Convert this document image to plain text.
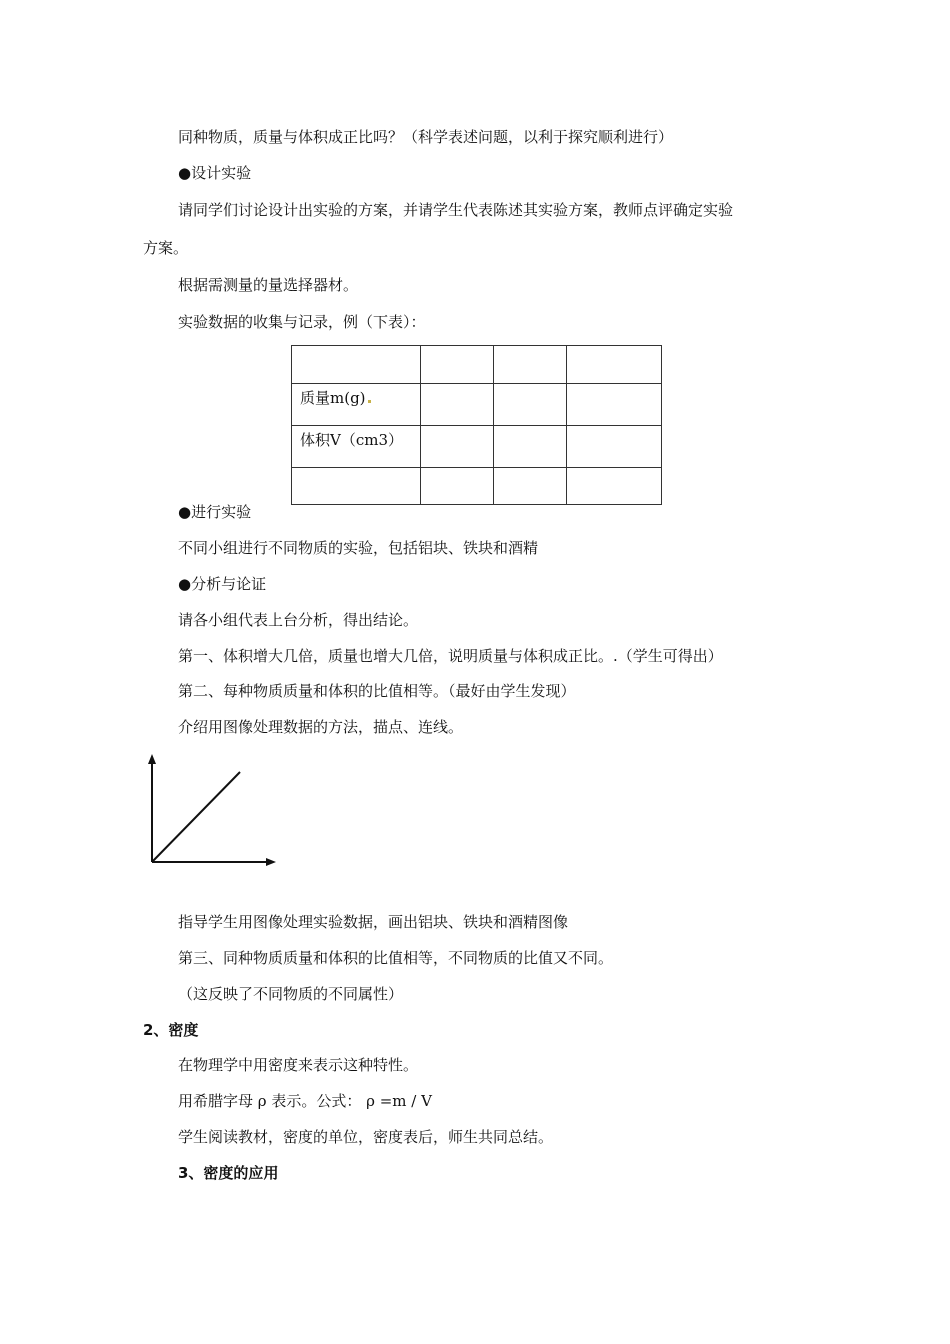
同种物质，质量与体积成正比吗？（科学表述问题，以利于探究顺利进行）
●设计实验
请同学们讨论设计出实验的方案，并请学生代表陈述其实验方案，教师点评确定实验
方案。
根据需测量的量选择器材。
实验数据的收集与记录，例（下表）：

质量m(g)			
体积V（cm3）			

●进行实验
不同小组进行不同物质的实验，包括铝块、铁块和酒精
●分析与论证
请各小组代表上台分析，得出结论。
第一、体积增大几倍，质量也增大几倍，说明质量与体积成正比。.（学生可得出）
第二、每种物质质量和体积的比值相等。（最好由学生发现）
介绍用图像处理数据的方法，描点、连线。
指导学生用图像处理实验数据，画出铝块、铁块和酒精图像
第三、同种物质质量和体积的比值相等，不同物质的比值又不同。
（这反映了不同物质的不同属性）
2、密度
在物理学中用密度来表示这种特性。
用希腊字母 ρ 表示。公式： ρ =m / V
学生阅读教材，密度的单位，密度表后，师生共同总结。
3、密度的应用
